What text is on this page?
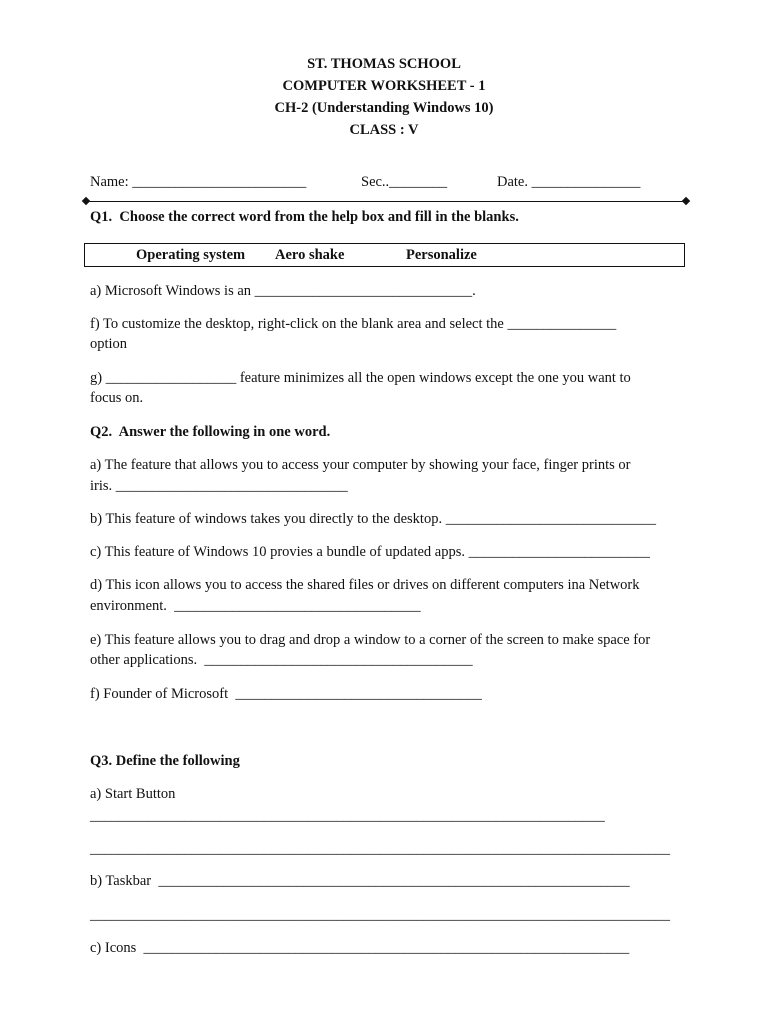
ST. THOMAS SCHOOL
COMPUTER WORKSHEET - 1
CH-2 (Understanding Windows 10)
CLASS : V
Name: ________________________	Sec..________	Date. _______________
Q1.  Choose the correct word from the help box and fill in the blanks.
Operating system Aero shake	Personalize
a) Microsoft Windows is an ______________________________.
f) To customize the desktop, right-click on the blank area and select the _______________
option
g) __________________ feature minimizes all the open windows except the one you want to
focus on.
Q2.  Answer the following in one word.
a) The feature that allows you to access your computer by showing your face, finger prints or
iris. ________________________________
b) This feature of windows takes you directly to the desktop. _____________________________
c) This feature of Windows 10 provies a bundle of updated apps. _________________________
d) This icon allows you to access the shared files or drives on different computers ina Network
environment.  __________________________________
e) This feature allows you to drag and drop a window to a corner of the screen to make space for
other applications.  _____________________________________
f) Founder of Microsoft  __________________________________
Q3. Define the following
a) Start Button
_______________________________________________________________________
________________________________________________________________________________
b) Taskbar  _________________________________________________________________
________________________________________________________________________________
c) Icons  ___________________________________________________________________
